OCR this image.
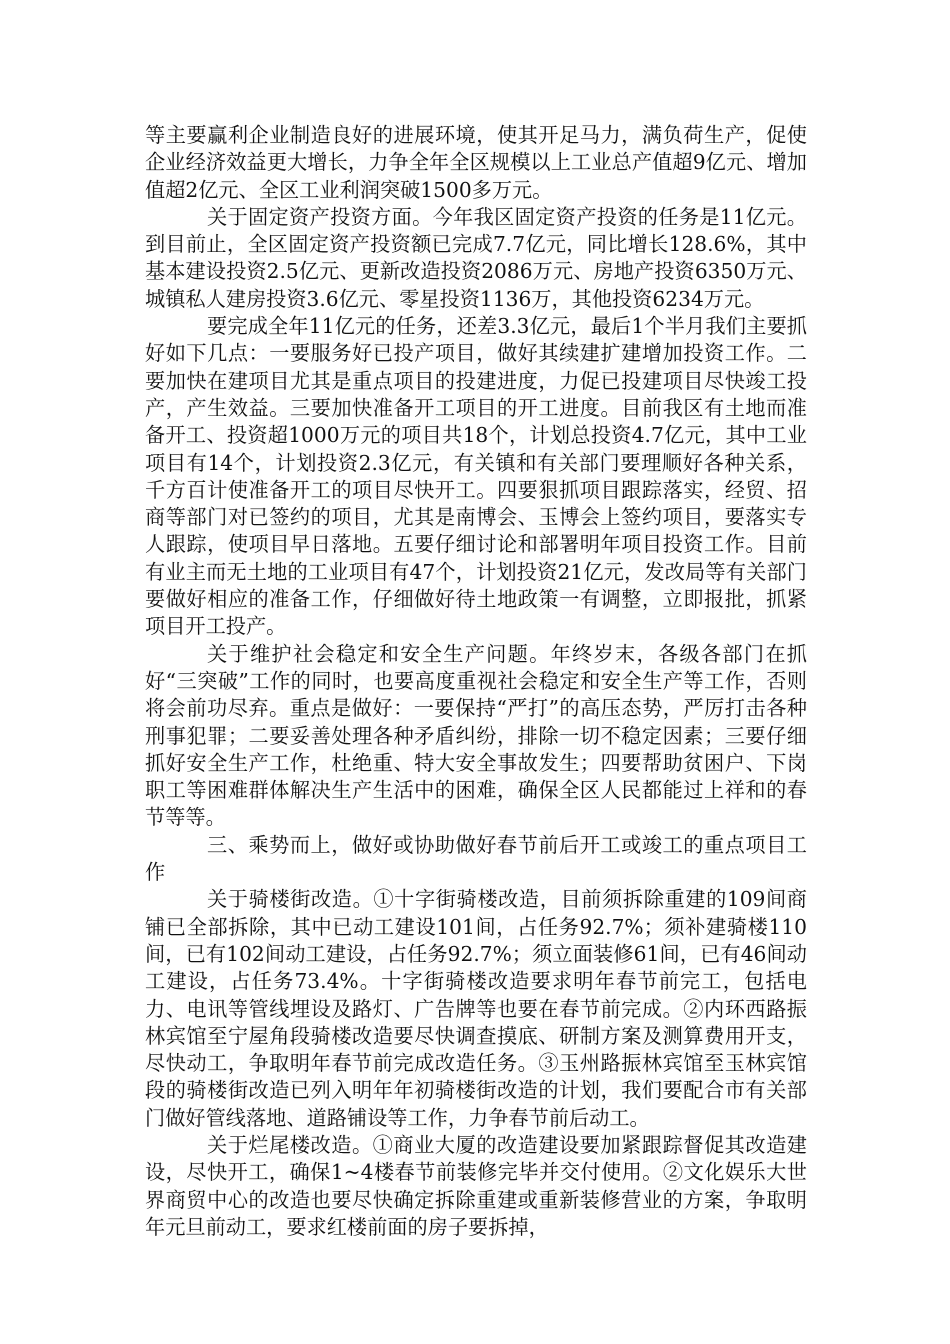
等主要赢利企业制造良好的进展环境，使其开足马力，满负荷生产，促使企业经济效益更大增长，力争全年全区规模以上工业总产值超9亿元、增加值超2亿元、全区工业利润突破1500多万元。

关于固定资产投资方面。今年我区固定资产投资的任务是11亿元。到目前止，全区固定资产投资额已完成7.7亿元，同比增长128.6%，其中基本建设投资2.5亿元、更新改造投资2086万元、房地产投资6350万元、城镇私人建房投资3.6亿元、零星投资1136万，其他投资6234万元。

要完成全年11亿元的任务，还差3.3亿元，最后1个半月我们主要抓好如下几点：一要服务好已投产项目，做好其续建扩建增加投资工作。二要加快在建项目尤其是重点项目的投建进度，力促已投建项目尽快竣工投产，产生效益。三要加快准备开工项目的开工进度。目前我区有土地而准备开工、投资超1000万元的项目共18个，计划总投资4.7亿元，其中工业项目有14个，计划投资2.3亿元，有关镇和有关部门要理顺好各种关系，千方百计使准备开工的项目尽快开工。四要狠抓项目跟踪落实，经贸、招商等部门对已签约的项目，尤其是南博会、玉博会上签约项目，要落实专人跟踪，使项目早日落地。五要仔细讨论和部署明年项目投资工作。目前有业主而无土地的工业项目有47个，计划投资21亿元，发改局等有关部门要做好相应的准备工作，仔细做好待土地政策一有调整，立即报批，抓紧项目开工投产。

关于维护社会稳定和安全生产问题。年终岁末，各级各部门在抓好“三突破”工作的同时，也要高度重视社会稳定和安全生产等工作，否则将会前功尽弃。重点是做好：一要保持“严打”的高压态势，严厉打击各种刑事犯罪；二要妥善处理各种矛盾纠纷，排除一切不稳定因素；三要仔细抓好安全生产工作，杜绝重、特大安全事故发生；四要帮助贫困户、下岗职工等困难群体解决生产生活中的困难，确保全区人民都能过上祥和的春节等等。

三、乘势而上，做好或协助做好春节前后开工或竣工的重点项目工作

关于骑楼街改造。①十字街骑楼改造，目前须拆除重建的109间商铺已全部拆除，其中已动工建设101间，占任务92.7%；须补建骑楼110间，已有102间动工建设，占任务92.7%；须立面装修61间，已有46间动工建设，占任务73.4%。十字街骑楼改造要求明年春节前完工，包括电力、电讯等管线埋设及路灯、广告牌等也要在春节前完成。②内环西路振林宾馆至宁屋角段骑楼改造要尽快调查摸底、研制方案及测算费用开支，尽快动工，争取明年春节前完成改造任务。③玉州路振林宾馆至玉林宾馆段的骑楼街改造已列入明年年初骑楼街改造的计划，我们要配合市有关部门做好管线落地、道路铺设等工作，力争春节前后动工。

关于烂尾楼改造。①商业大厦的改造建设要加紧跟踪督促其改造建设，尽快开工，确保1~4楼春节前装修完毕并交付使用。②文化娱乐大世界商贸中心的改造也要尽快确定拆除重建或重新装修营业的方案，争取明年元旦前动工，要求红楼前面的房子要拆掉，
